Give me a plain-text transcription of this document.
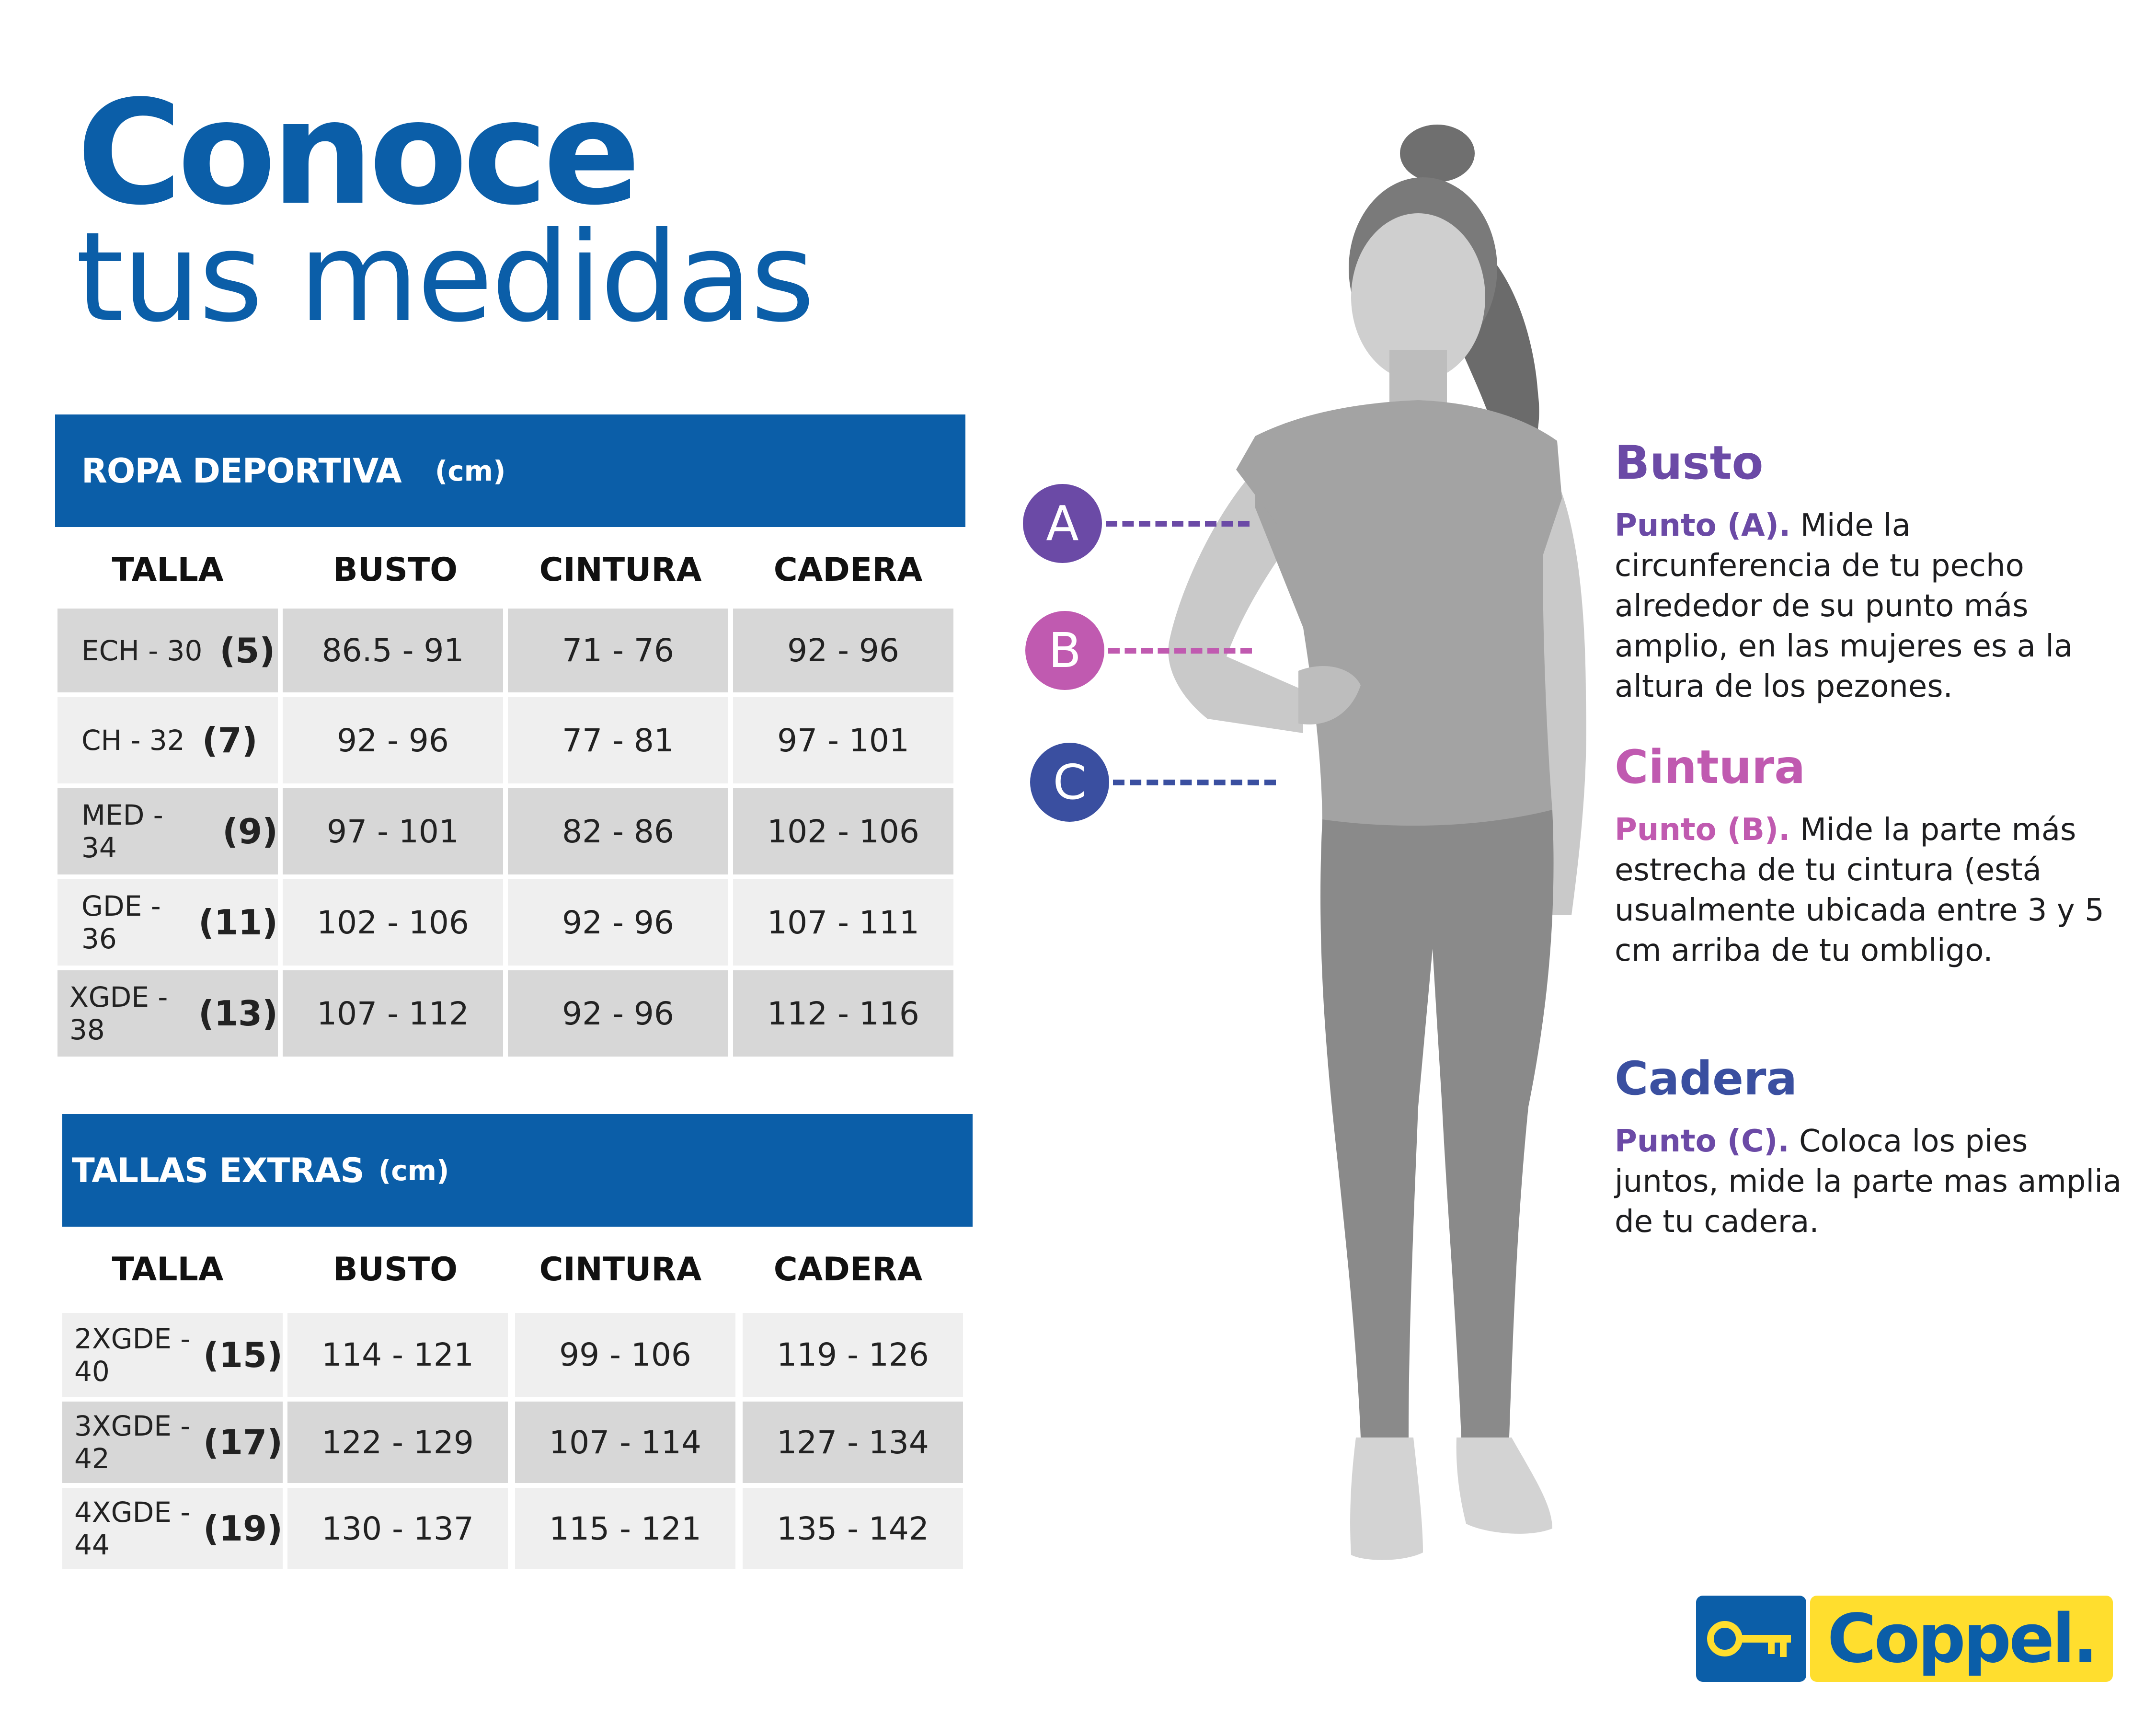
Conoce
tus medidas
ROPA DEPORTIVA (cm)
TALLA	BUSTO	CINTURA	CADERA
ECH - 30 (5)	86.5 - 91	71 - 76	92 - 96
CH - 32 (7)	92 - 96	77 - 81	97 - 101
MED - 34	(9)	97 - 101	82 - 86	102 - 106
GDE - 36	(11)	102 - 106	92 - 96	107 - 111
XGDE - 38	(13)	107 - 112	92 - 96	112 - 116
TALLAS EXTRAS (cm)
TALLA	BUSTO	CINTURA	CADERA
2XGDE - 40	(15)	114 - 121	99 - 106	119 - 126
3XGDE - 42	(17)	122 - 129	107 - 114	127 - 134
4XGDE - 44	(19)	130 - 137	115 - 121	135 - 142
A
B
C
Busto
Punto (A). Mide la circunferencia de tu pecho alrededor de su punto más amplio, en las mujeres es a la altura de los pezones.
Cintura
Punto (B). Mide la parte más estrecha de tu cintura (está usualmente ubicada entre 3 y 5 cm arriba de tu ombligo.
Cadera
Punto (C). Coloca los pies juntos, mide la parte mas amplia de tu cadera.
Coppel.
